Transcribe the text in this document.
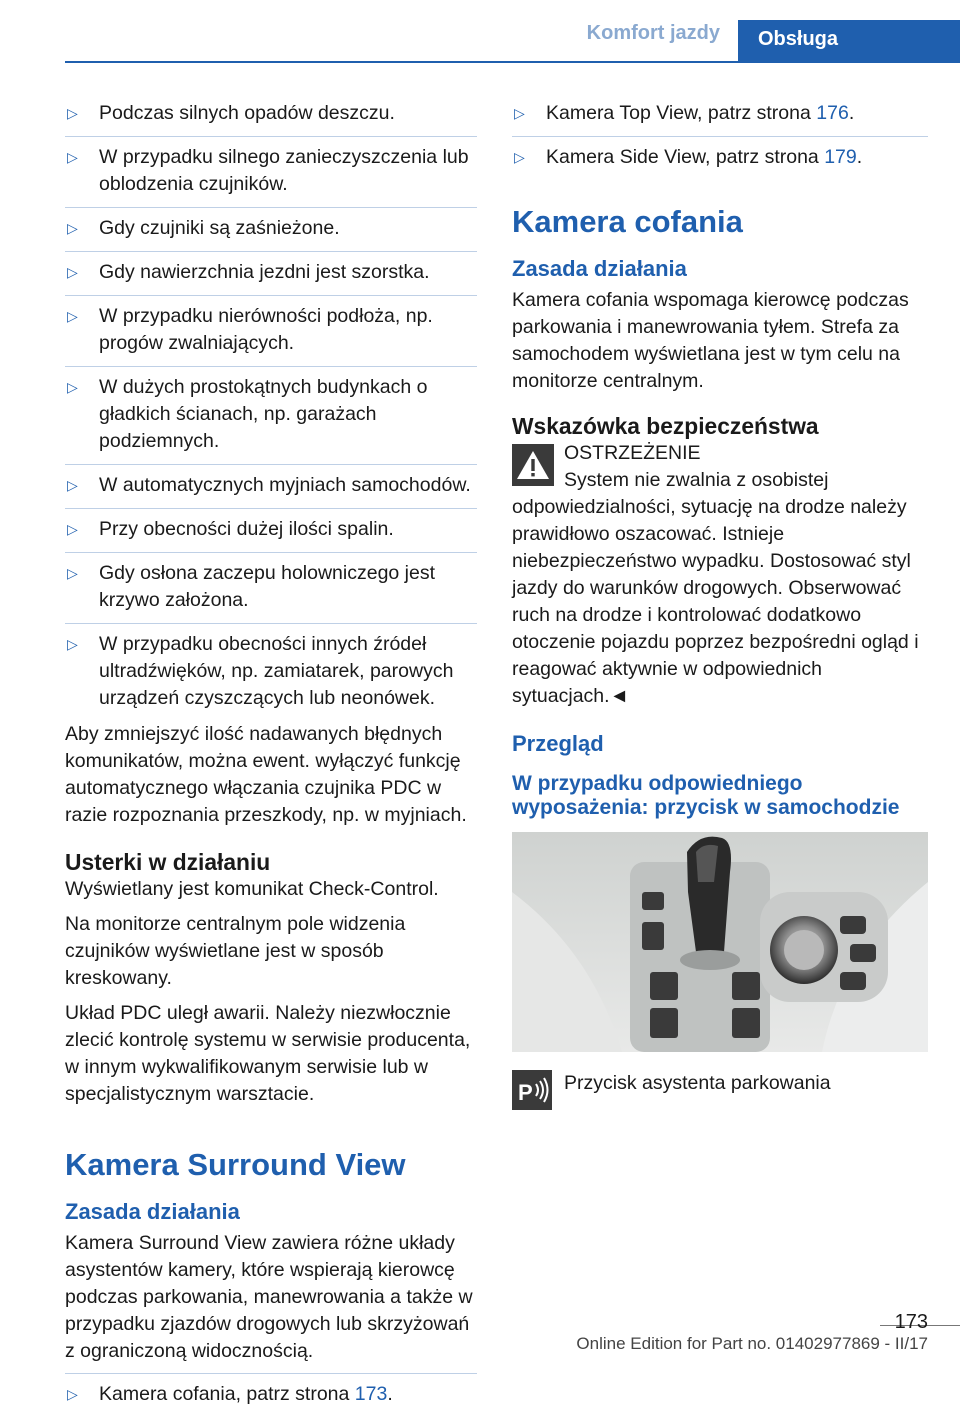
Komfort jazdy	Obsługa
▷ Podczas silnych opadów deszczu.
▷ W przypadku silnego zanieczyszczenia lub oblodzenia czujników.
▷ Gdy czujniki są zaśnieżone.
▷ Gdy nawierzchnia jezdni jest szorstka.
▷ W przypadku nierówności podłoża, np. progów zwalniających.
▷ W dużych prostokątnych budynkach o gładkich ścianach, np. garażach podziemnych.
▷ W automatycznych myjniach samochodów.
▷ Przy obecności dużej ilości spalin.
▷ Gdy osłona zaczepu holowniczego jest krzywo założona.
▷ W przypadku obecności innych źródeł ultradźwięków, np. zamiatarek, parowych urządzeń czyszczących lub neonówek.

Aby zmniejszyć ilość nadawanych błędnych komunikatów, można ewent. wyłączyć funkcję automatycznego włączania czujnika PDC w razie rozpoznania przeszkody, np. w myjniach.

Usterki w działaniu

Wyświetlany jest komunikat Check-Control.

Na monitorze centralnym pole widzenia czujników wyświetlane jest w sposób kreskowany.

Układ PDC uległ awarii. Należy niezwłocznie zlecić kontrolę systemu w serwisie producenta, w innym wykwalifikowanym serwisie lub w specjalistycznym warsztacie.

Kamera Surround View
Zasada działania

Kamera Surround View zawiera różne układy asystentów kamery, które wspierają kierowcę podczas parkowania, manewrowania a także w przypadku zjazdów drogowych lub skrzyżowań z ograniczoną widocznością.

▷ Kamera cofania, patrz strona 173.
▷ Kamera Top View, patrz strona 176.
▷ Kamera Side View, patrz strona 179.
Kamera cofania
Zasada działania

Kamera cofania wspomaga kierowcę podczas parkowania i manewrowania tyłem. Strefa za samochodem wyświetlana jest w tym celu na monitorze centralnym.

Wskazówka bezpieczeństwa
OSTRZEŻENIE
System nie zwalnia z osobistej odpowiedzialności, sytuację na drodze należy prawidłowo oszacować. Istnieje niebezpieczeństwo wypadku. Dostosować styl jazdy do warunków drogowych. Obserwować ruch na drodze i kontrolować dodatkowo otoczenie pojazdu poprzez bezpośredni ogląd i reagować aktywnie w odpowiednich sytuacjach.◄
Przegląd
W przypadku odpowiedniego wyposażenia: przycisk w samochodzie
P Przycisk asystenta parkowania
173
Online Edition for Part no. 01402977869 - II/17
